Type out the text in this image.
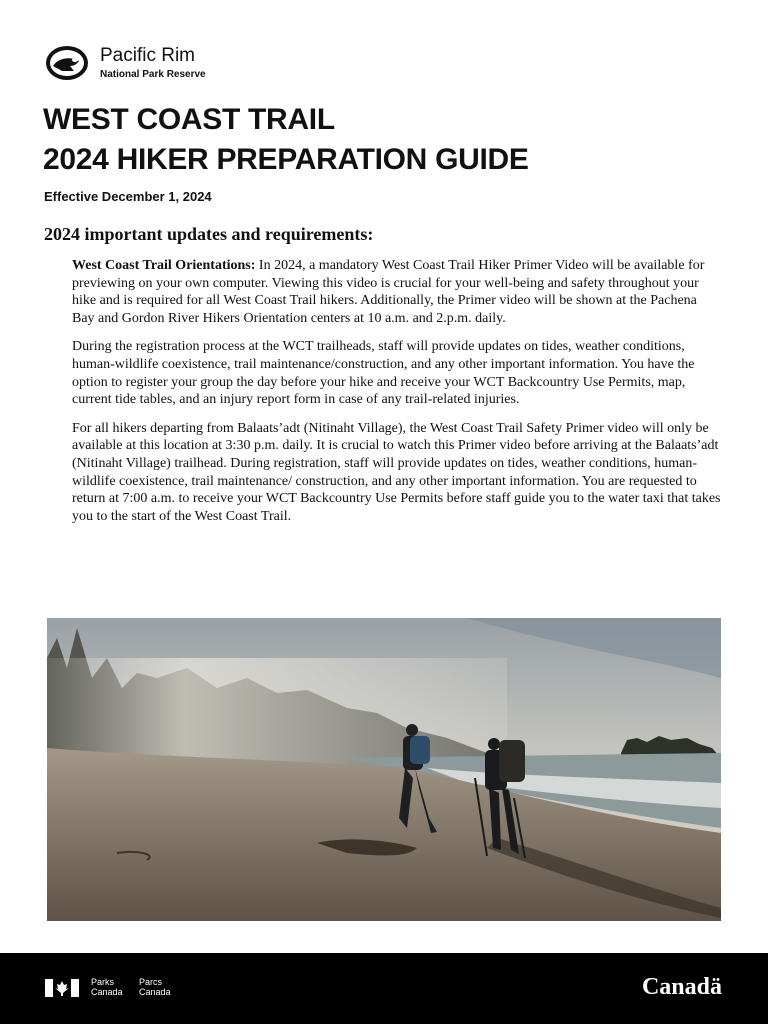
Pacific Rim
National Park Reserve
WEST COAST TRAIL
2024 HIKER PREPARATION GUIDE
Effective December 1, 2024
2024 important updates and requirements:

West Coast Trail Orientations: In 2024, a mandatory West Coast Trail Hiker Primer Video will be available for previewing on your own computer. Viewing this video is crucial for your well-being and safety throughout your hike and is required for all West Coast Trail hikers. Additionally, the Primer video will be shown at the Pachena Bay and Gordon River Hikers Orientation centers at 10 a.m. and 2.p.m. daily.

During the registration process at the WCT trailheads, staff will provide updates on tides, weather conditions, human-wildlife coexistence, trail maintenance/construction, and any other important information. You have the option to register your group the day before your hike and receive your WCT Backcountry Use Permits, map, current tide tables, and an injury report form in case of any trail-related injuries.

For all hikers departing from Balaats’adt (Nitinaht Village), the West Coast Trail Safety Primer video will only be available at this location at 3:30 p.m. daily. It is crucial to watch this Primer video before arriving at the Balaats’adt (Nitinaht Village) trailhead. During registration, staff will provide updates on tides, weather conditions, human-wildlife coexistence, trail maintenance/ construction, and any other important information. You are requested to return at 7:00 a.m. to receive your WCT Backcountry Use Permits before staff guide you to the water taxi that takes you to the start of the West Coast Trail.

Parks
Canada
Parcs
Canada	Canadä
